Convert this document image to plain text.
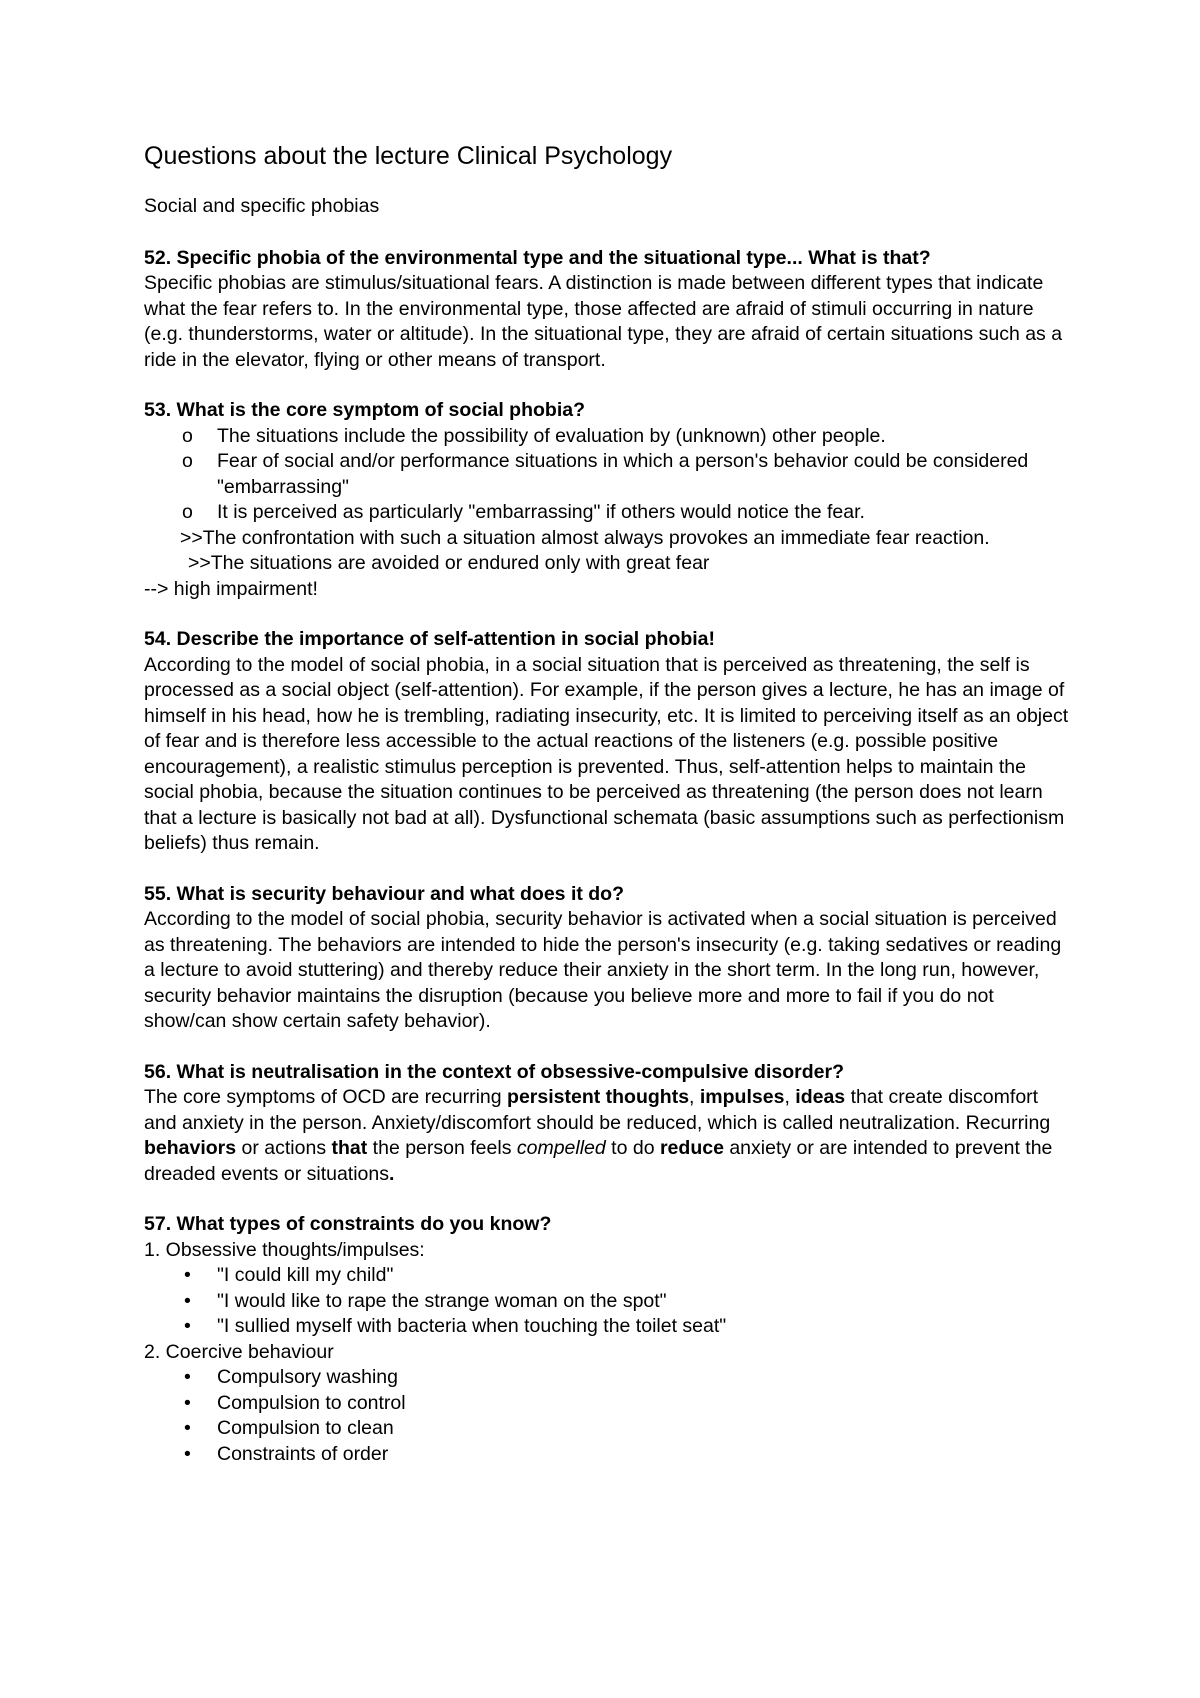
Questions about the lecture Clinical Psychology
Social and specific phobias
52. Specific phobia of the environmental type and the situational type... What is that?

Specific phobias are stimulus/situational fears. A distinction is made between different types that indicate what the fear refers to. In the environmental type, those affected are afraid of stimuli occurring in nature (e.g. thunderstorms, water or altitude). In the situational type, they are afraid of certain situations such as a ride in the elevator, flying or other means of transport.

53. What is the core symptom of social phobia?
o The situations include the possibility of evaluation by (unknown) other people.
o Fear of social and/or performance situations in which a person's behavior could be considered "embarrassing"
o It is perceived as particularly "embarrassing" if others would notice the fear.
>>The confrontation with such a situation almost always provokes an immediate fear reaction.
>>The situations are avoided or endured only with great fear
--> high impairment!
54. Describe the importance of self-attention in social phobia!

According to the model of social phobia, in a social situation that is perceived as threatening, the self is processed as a social object (self-attention). For example, if the person gives a lecture, he has an image of himself in his head, how he is trembling, radiating insecurity, etc. It is limited to perceiving itself as an object of fear and is therefore less accessible to the actual reactions of the listeners (e.g. possible positive encouragement), a realistic stimulus perception is prevented. Thus, self-attention helps to maintain the social phobia, because the situation continues to be perceived as threatening (the person does not learn that a lecture is basically not bad at all). Dysfunctional schemata (basic assumptions such as perfectionism beliefs) thus remain.

55. What is security behaviour and what does it do?

According to the model of social phobia, security behavior is activated when a social situation is perceived as threatening. The behaviors are intended to hide the person's insecurity (e.g. taking sedatives or reading a lecture to avoid stuttering) and thereby reduce their anxiety in the short term. In the long run, however, security behavior maintains the disruption (because you believe more and more to fail if you do not show/can show certain safety behavior).

56. What is neutralisation in the context of obsessive-compulsive disorder?

The core symptoms of OCD are recurring persistent thoughts, impulses, ideas that create discomfort and anxiety in the person. Anxiety/discomfort should be reduced, which is called neutralization. Recurring behaviors or actions that the person feels compelled to do reduce anxiety or are intended to prevent the dreaded events or situations.

57. What types of constraints do you know?
1. Obsessive thoughts/impulses:
• "I could kill my child"
• "I would like to rape the strange woman on the spot"
• "I sullied myself with bacteria when touching the toilet seat"
2. Coercive behaviour
• Compulsory washing
• Compulsion to control
• Compulsion to clean
• Constraints of order
